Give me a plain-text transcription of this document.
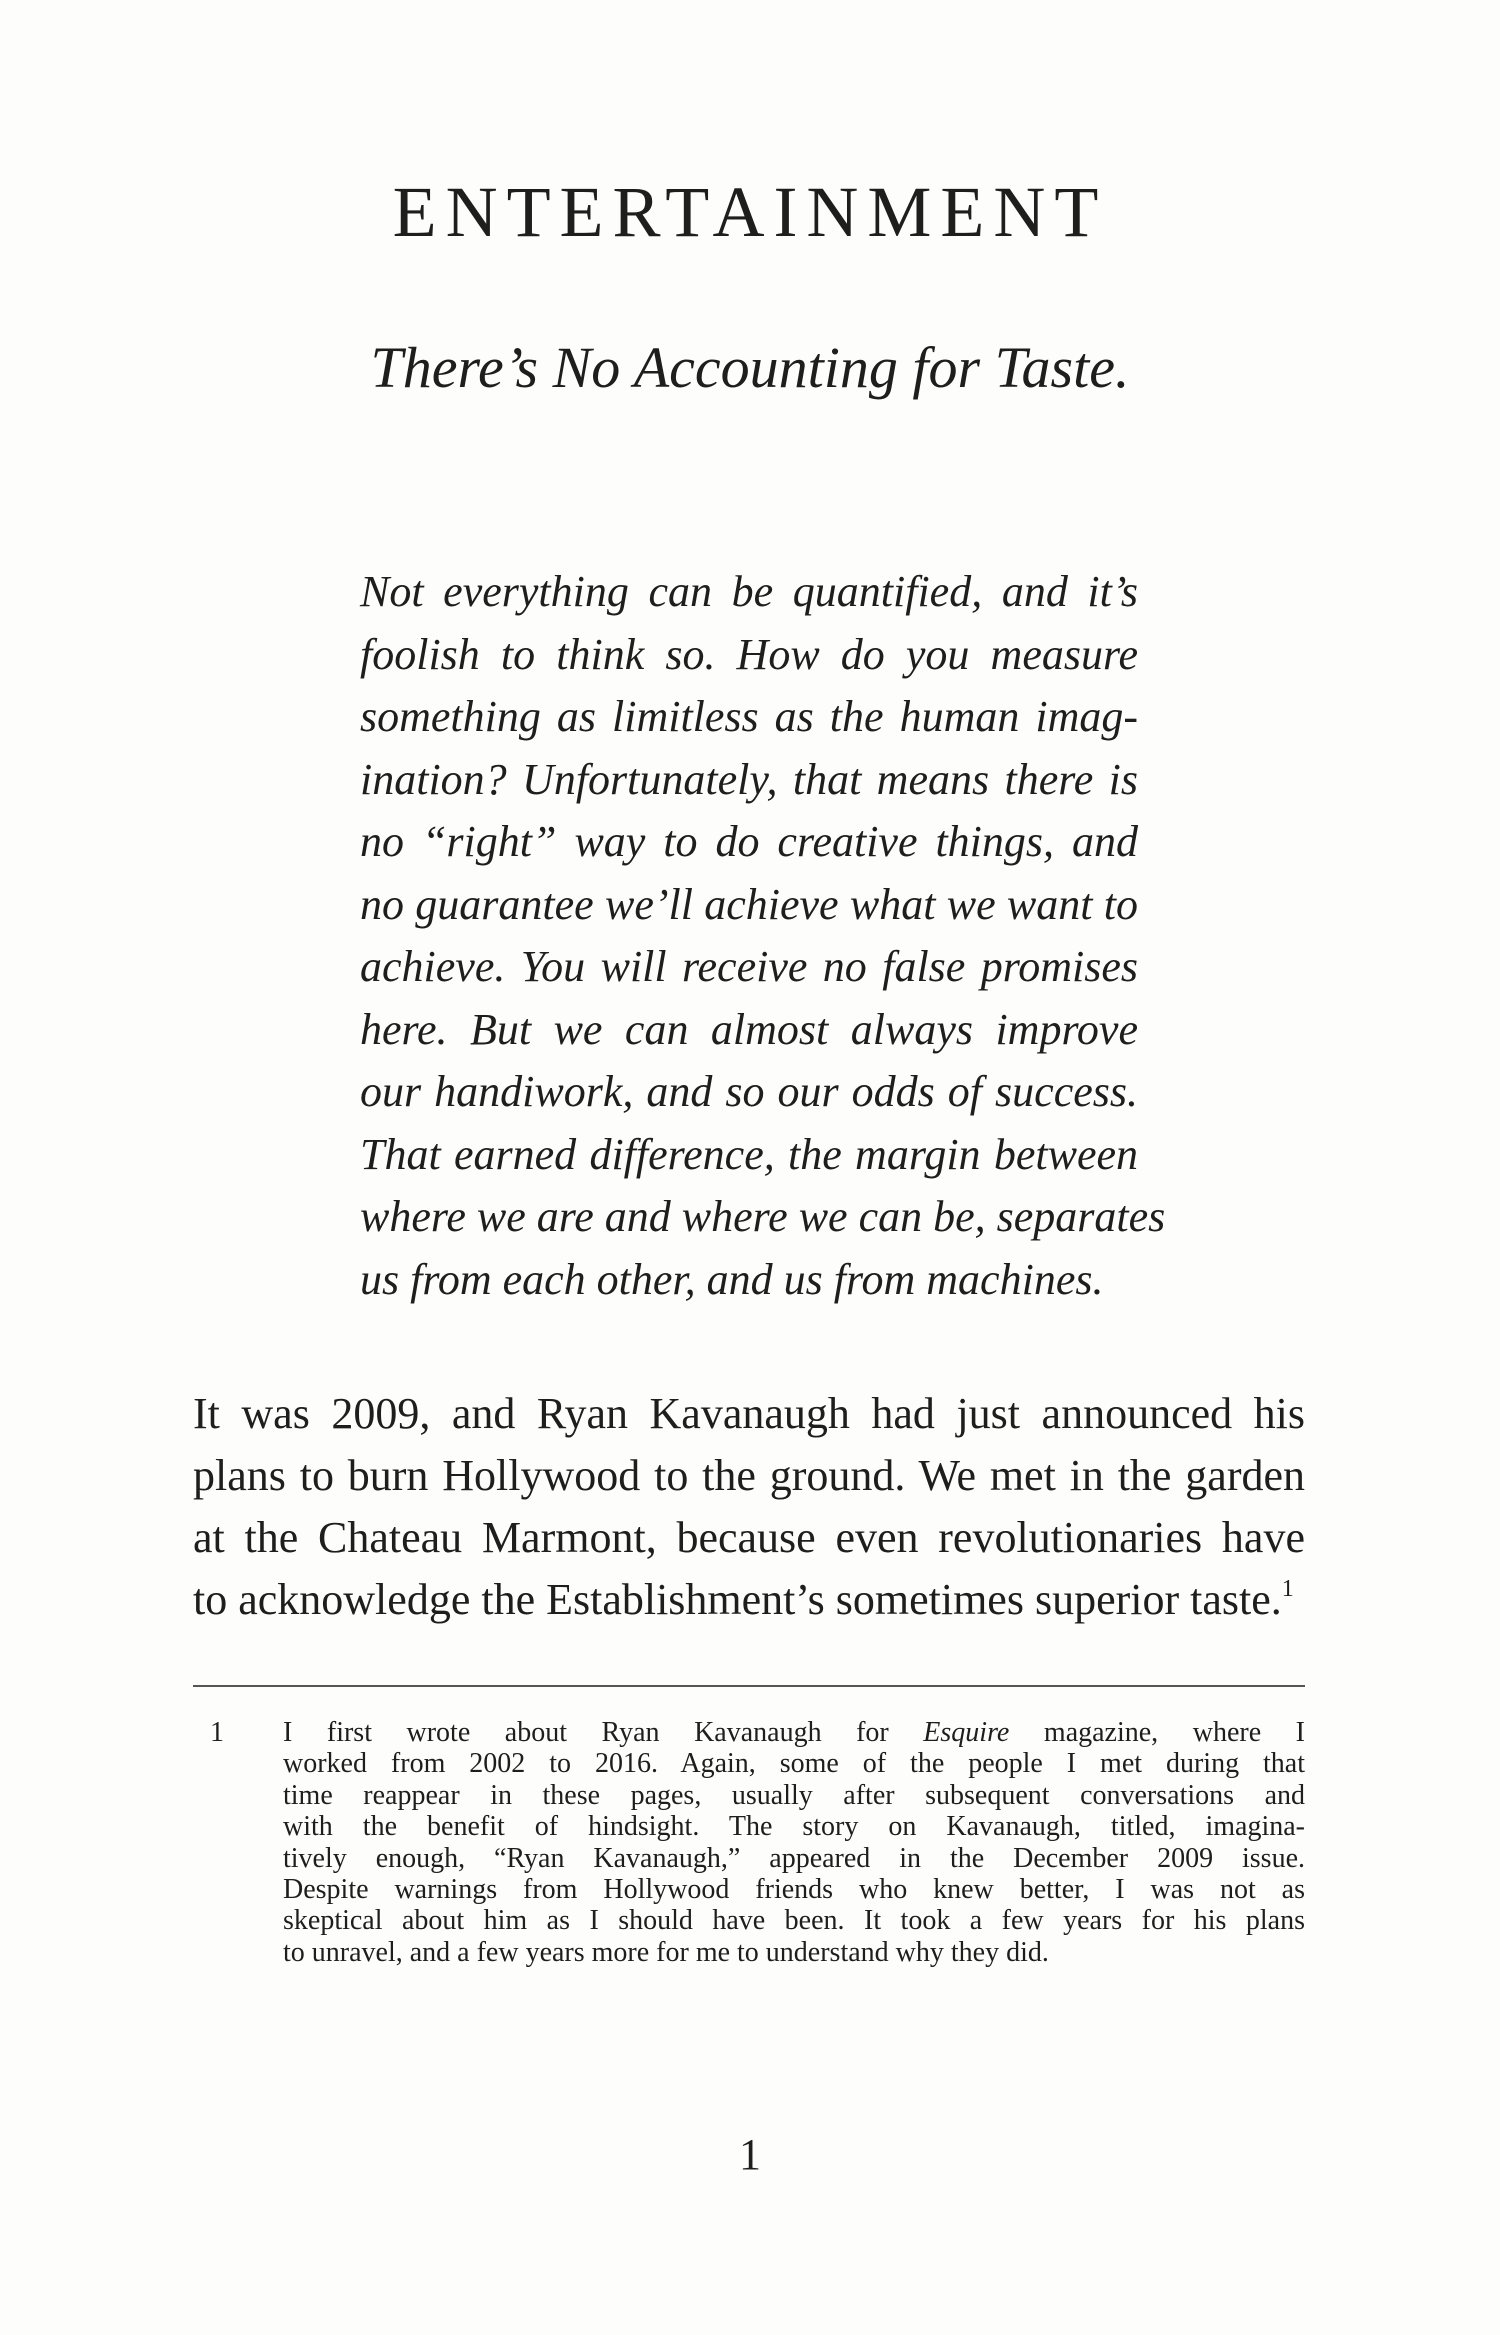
ENTERTAINMENT
There’s No Accounting for Taste.
Not everything can be quantified, and it’s
foolish to think so. How do you measure
something as limitless as the human imag-
ination? Unfortunately, that means there is
no “right” way to do creative things, and
no guarantee we’ll achieve what we want to
achieve. You will receive no false promises
here. But we can almost always improve
our handiwork, and so our odds of success.
That earned difference, the margin between
where we are and where we can be, separates
us from each other, and us from machines.
It was 2009, and Ryan Kavanaugh had just announced his
plans to burn Hollywood to the ground. We met in the garden
at the Chateau Marmont, because even revolutionaries have
to acknowledge the Establishment’s sometimes superior taste.$^1$
1 I first wrote about Ryan Kavanaugh for Esquire magazine, where I
worked from 2002 to 2016. Again, some of the people I met during that
time reappear in these pages, usually after subsequent conversations and
with the benefit of hindsight. The story on Kavanaugh, titled, imagina-
tively enough, “Ryan Kavanaugh,” appeared in the December 2009 issue.
Despite warnings from Hollywood friends who knew better, I was not as
skeptical about him as I should have been. It took a few years for his plans
to unravel, and a few years more for me to understand why they did.
1
